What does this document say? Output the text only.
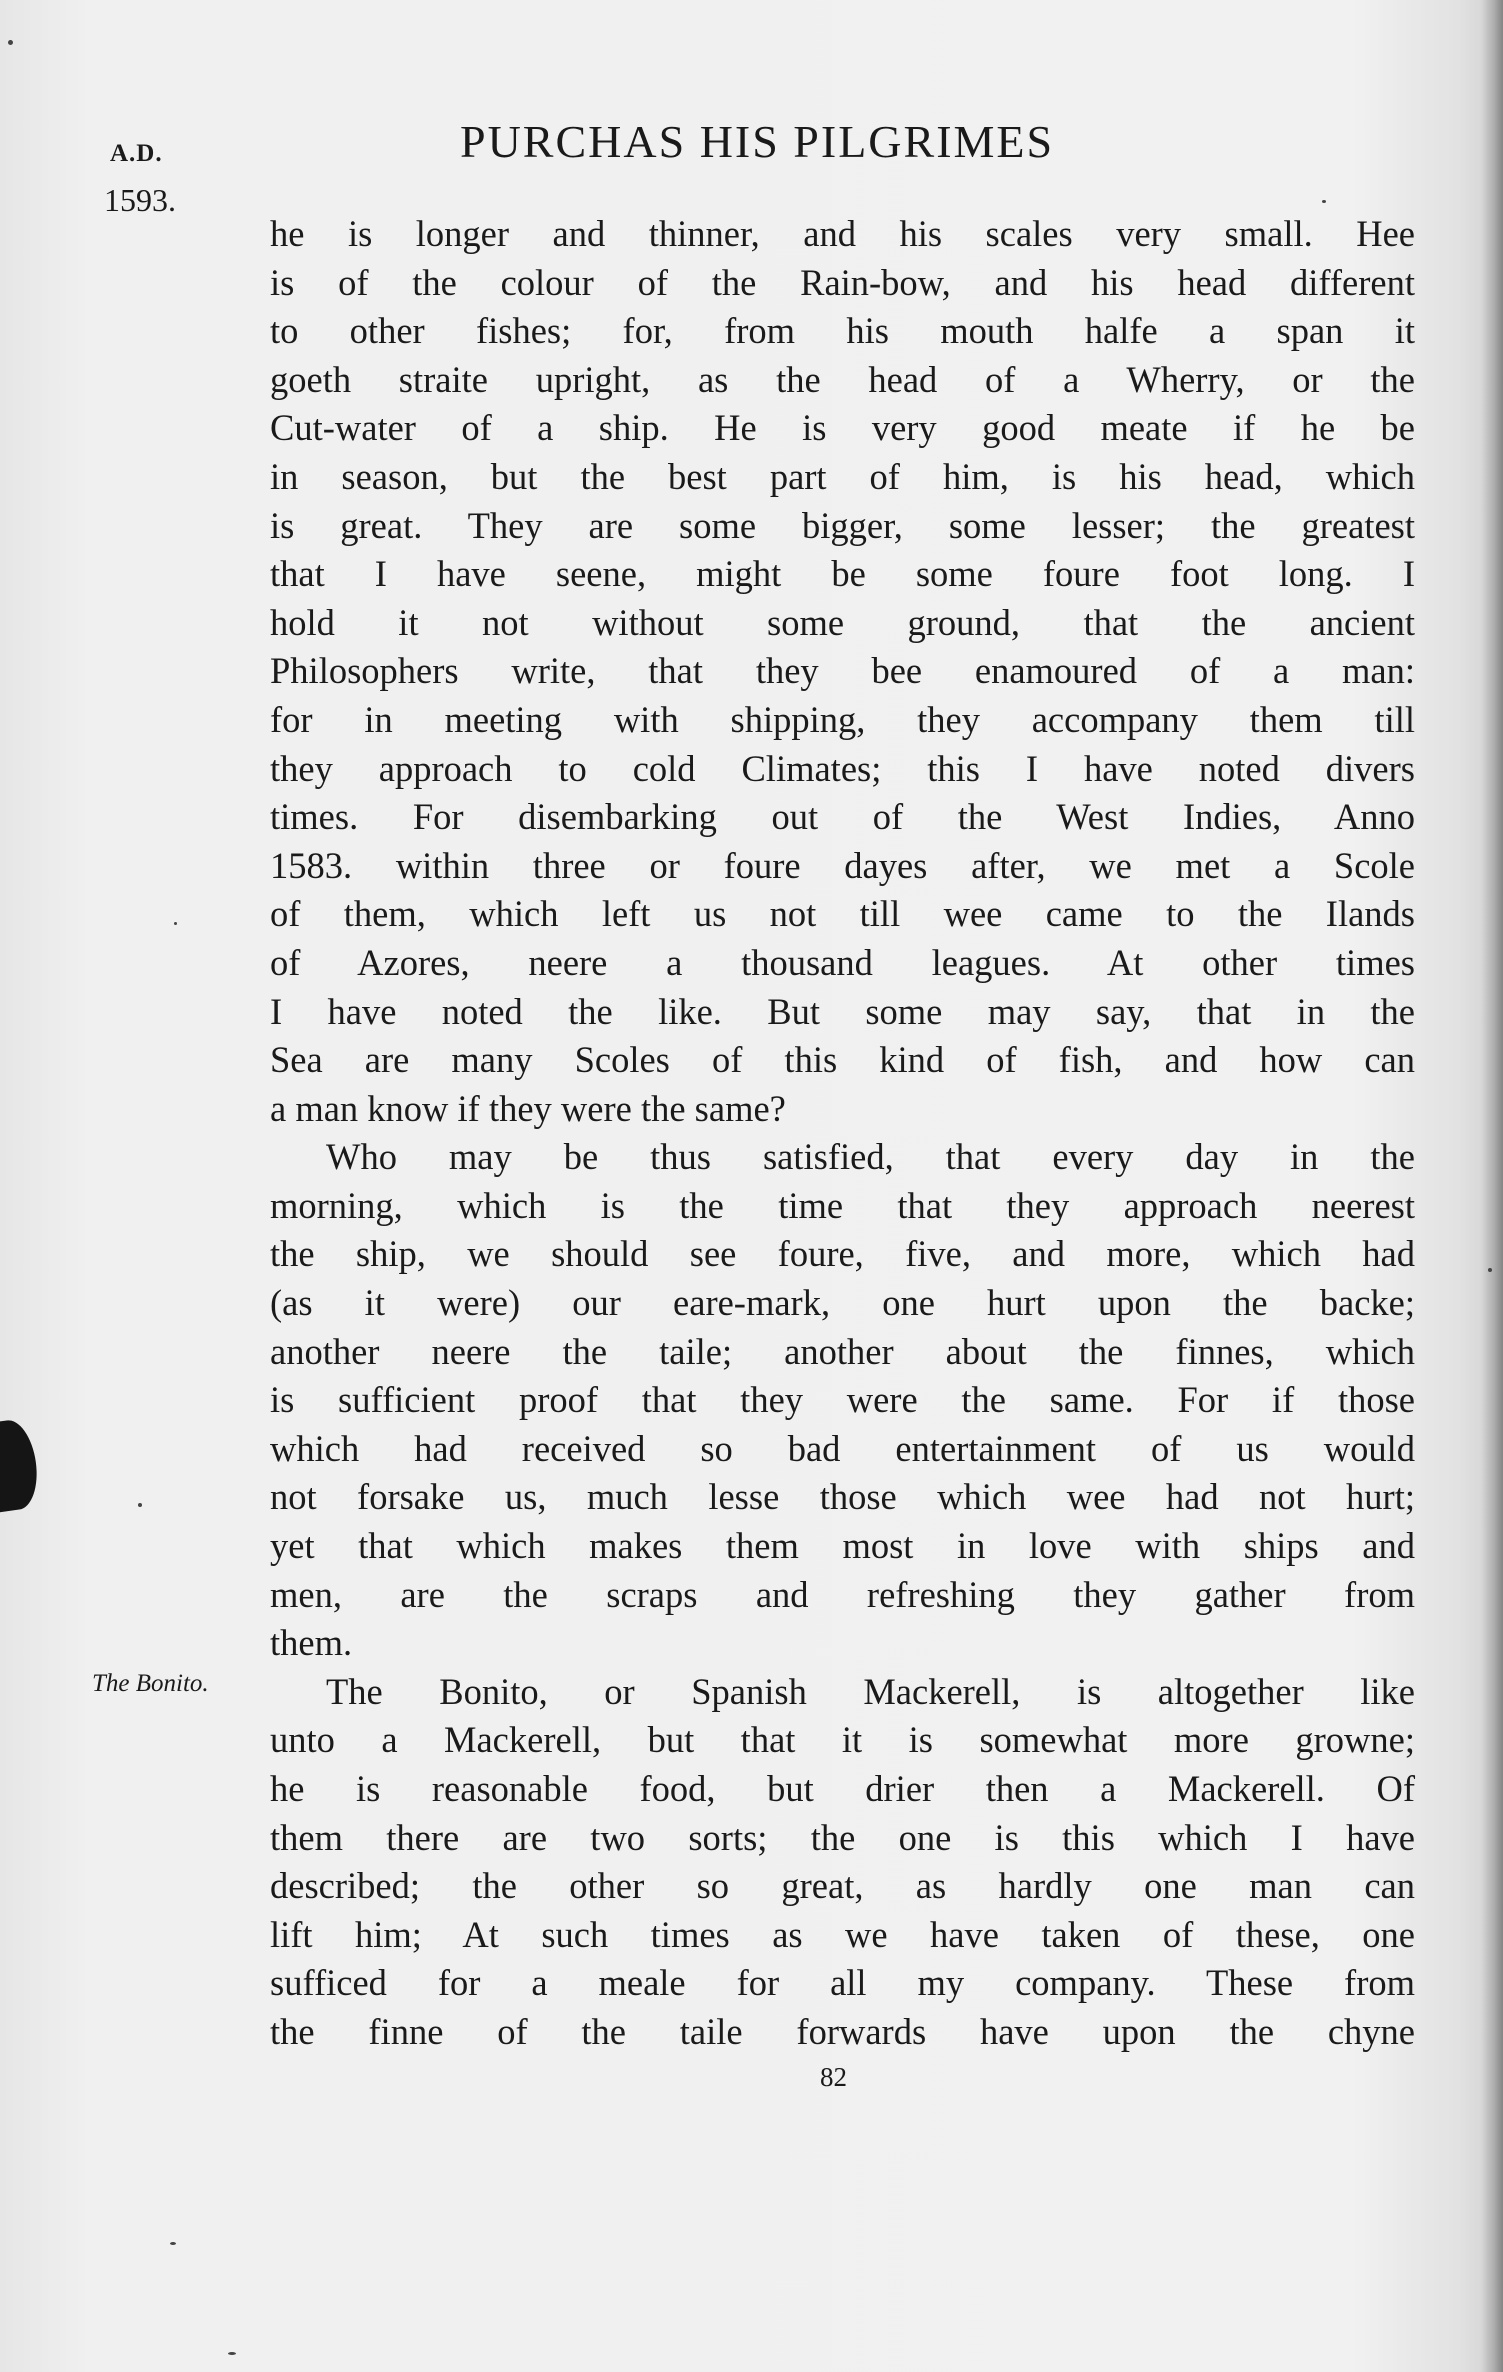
PURCHAS HIS PILGRIMES
A.D.
1593.
The Bonito.
he is longer and thinner, and his scales very small. Hee
is of the colour of the Rain-bow, and his head different
to other fishes; for, from his mouth halfe a span it
goeth straite upright, as the head of a Wherry, or the
Cut-water of a ship. He is very good meate if he be
in season, but the best part of him, is his head, which
is great. They are some bigger, some lesser; the greatest
that I have seene, might be some foure foot long. I
hold it not without some ground, that the ancient
Philosophers write, that they bee enamoured of a man:
for in meeting with shipping, they accompany them till
they approach to cold Climates; this I have noted divers
times. For disembarking out of the West Indies, Anno
1583. within three or foure dayes after, we met a Scole
of them, which left us not till wee came to the Ilands
of Azores, neere a thousand leagues. At other times
I have noted the like. But some may say, that in the
Sea are many Scoles of this kind of fish, and how can
a man know if they were the same?
Who may be thus satisfied, that every day in the
morning, which is the time that they approach neerest
the ship, we should see foure, five, and more, which had
(as it were) our eare-mark, one hurt upon the backe;
another neere the taile; another about the finnes, which
is sufficient proof that they were the same. For if those
which had received so bad entertainment of us would
not forsake us, much lesse those which wee had not hurt;
yet that which makes them most in love with ships and
men, are the scraps and refreshing they gather from
them.
The Bonito, or Spanish Mackerell, is altogether like
unto a Mackerell, but that it is somewhat more growne;
he is reasonable food, but drier then a Mackerell. Of
them there are two sorts; the one is this which I have
described; the other so great, as hardly one man can
lift him; At such times as we have taken of these, one
sufficed for a meale for all my company. These from
the finne of the taile forwards have upon the chyne
82
